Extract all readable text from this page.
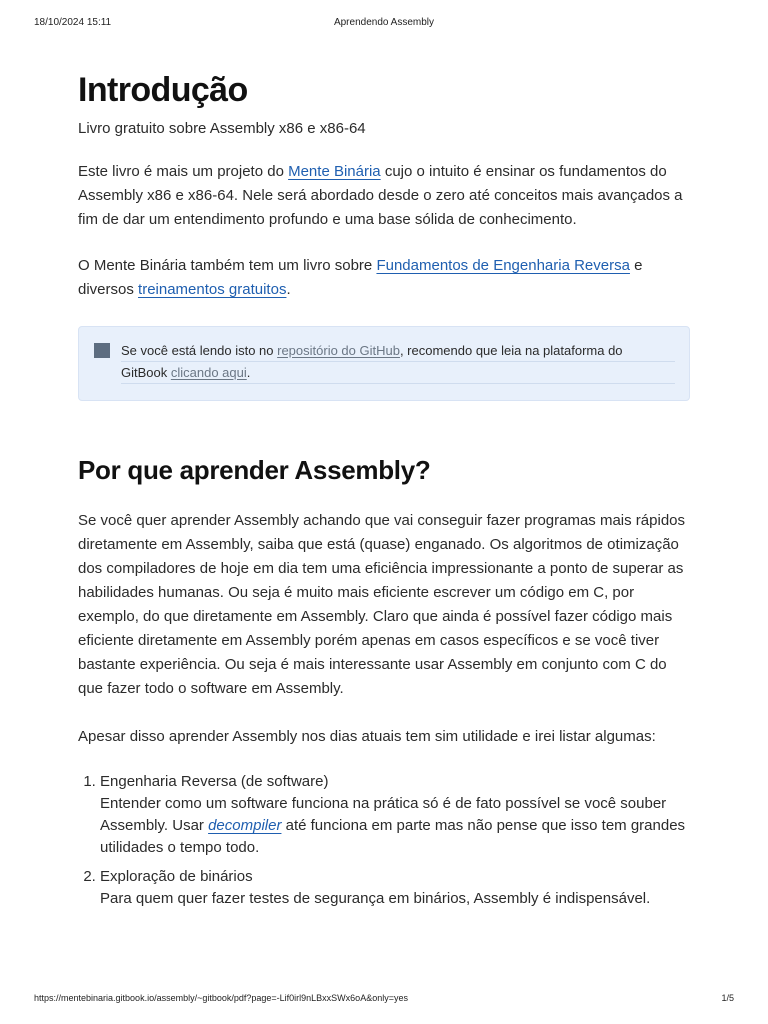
18/10/2024 15:11	Aprendendo Assembly
Introdução
Livro gratuito sobre Assembly x86 e x86-64

Este livro é mais um projeto do Mente Binária cujo o intuito é ensinar os fundamentos do Assembly x86 e x86-64. Nele será abordado desde o zero até conceitos mais avançados a fim de dar um entendimento profundo e uma base sólida de conhecimento.

O Mente Binária também tem um livro sobre Fundamentos de Engenharia Reversa e diversos treinamentos gratuitos.

Se você está lendo isto no repositório do GitHub, recomendo que leia na plataforma do
GitBook clicando aqui.
Por que aprender Assembly?

Se você quer aprender Assembly achando que vai conseguir fazer programas mais rápidos diretamente em Assembly, saiba que está (quase) enganado. Os algoritmos de otimização dos compiladores de hoje em dia tem uma eficiência impressionante a ponto de superar as habilidades humanas. Ou seja é muito mais eficiente escrever um código em C, por exemplo, do que diretamente em Assembly. Claro que ainda é possível fazer código mais eficiente diretamente em Assembly porém apenas em casos específicos e se você tiver bastante experiência. Ou seja é mais interessante usar Assembly em conjunto com C do que fazer todo o software em Assembly.

Apesar disso aprender Assembly nos dias atuais tem sim utilidade e irei listar algumas:

1. Engenharia Reversa (de software)
Entender como um software funciona na prática só é de fato possível se você souber Assembly. Usar decompiler até funciona em parte mas não pense que isso tem grandes utilidades o tempo todo.
2. Exploração de binários
Para quem quer fazer testes de segurança em binários, Assembly é indispensável.
https://mentebinaria.gitbook.io/assembly/~gitbook/pdf?page=-Lif0irl9nLBxxSWx6oA&only=yes	1/5
